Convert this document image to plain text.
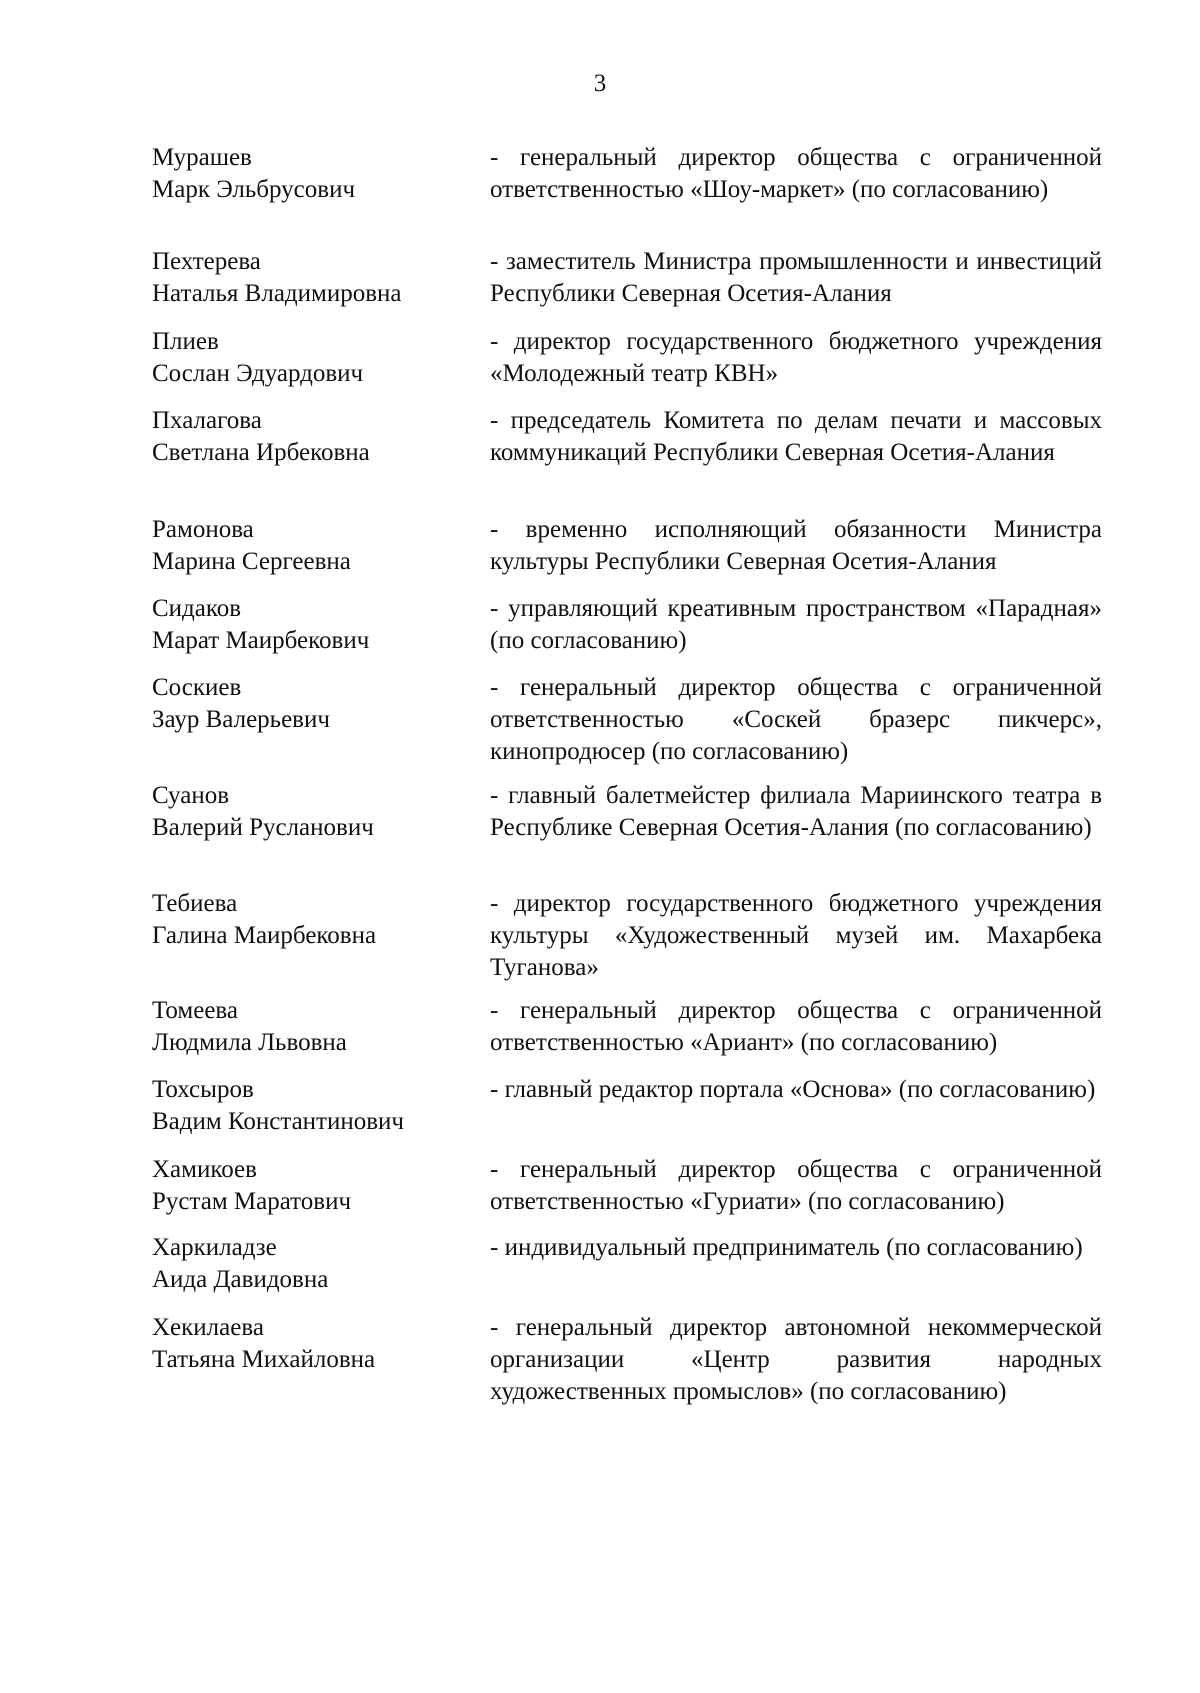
3
Мурашев
Марк Эльбрусович
- генеральный директор общества с ограниченной ответственностью «Шоу-маркет» (по согласованию)
Пехтерева
Наталья Владимировна
- заместитель Министра промышленности и инвестиций Республики Северная Осетия-Алания
Плиев
Сослан Эдуардович
- директор государственного бюджетного учреждения «Молодежный театр КВН»
Пхалагова
Светлана Ирбековна
- председатель Комитета по делам печати и массовых коммуникаций Республики Северная Осетия-Алания
Рамонова
Марина Сергеевна
- временно исполняющий обязанности Министра культуры Республики Северная Осетия-Алания
Сидаков
Марат Маирбекович
- управляющий креативным пространством «Парадная» (по согласованию)
Соскиев
Заур Валерьевич
- генеральный директор общества с ограниченной ответственностью «Соскей бразерс пикчерс», кинопродюсер (по согласованию)
Суанов
Валерий Русланович
- главный балетмейстер филиала Мариинского театра в Республике Северная Осетия-Алания (по согласованию)
Тебиева
Галина Маирбековна
- директор государственного бюджетного учреждения культуры «Художественный музей им. Махарбека Туганова»
Томеева
Людмила Львовна
- генеральный директор общества с ограниченной ответственностью «Ариант» (по согласованию)
Тохсыров
Вадим Константинович
- главный редактор портала «Основа» (по согласованию)
Хамикоев
Рустам Маратович
- генеральный директор общества с ограниченной ответственностью «Гуриати» (по согласованию)
Харкиладзе
Аида Давидовна
- индивидуальный предприниматель (по согласованию)
Хекилаева
Татьяна Михайловна
- генеральный директор автономной некоммерческой организации «Центр развития народных художественных промыслов» (по согласованию)
